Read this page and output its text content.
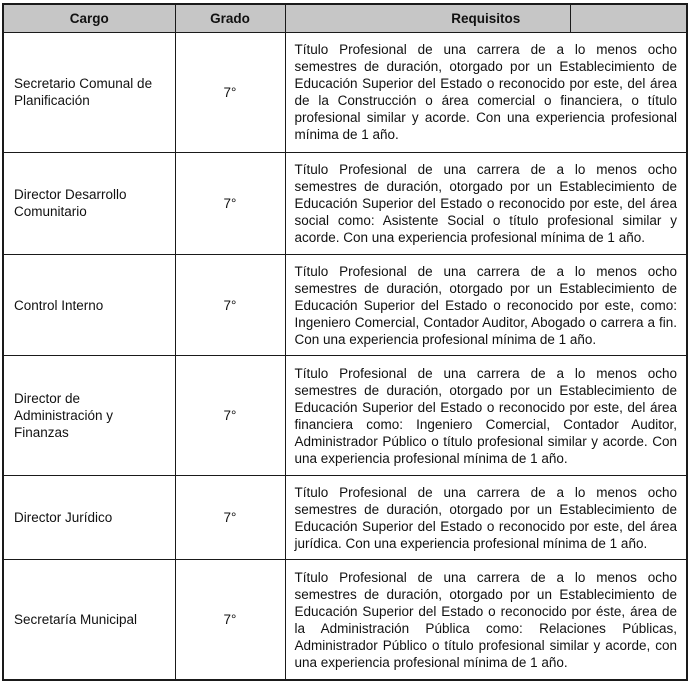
Cargo	Grado	Requisitos
Secretario Comunal de Planificación	7°	Título Profesional de una carrera de a lo menos ocho semestres de duración, otorgado por un Establecimiento de Educación Superior del Estado o reconocido por este, del área de la Construcción o área comercial o financiera, o título profesional similar y acorde. Con una experiencia profesional mínima de 1 año.
Director Desarrollo Comunitario	7°	Título Profesional de una carrera de a lo menos ocho semestres de duración, otorgado por un Establecimiento de Educación Superior del Estado o reconocido por este, del área social como: Asistente Social o título profesional similar y acorde. Con una experiencia profesional mínima de 1 año.
Control Interno	7°	Título Profesional de una carrera de a lo menos ocho semestres de duración, otorgado por un Establecimiento de Educación Superior del Estado o reconocido por este, como: Ingeniero Comercial, Contador Auditor, Abogado o carrera a fin. Con una experiencia profesional mínima de 1 año.
Director de Administración y Finanzas	7°	Título Profesional de una carrera de a lo menos ocho semestres de duración, otorgado por un Establecimiento de Educación Superior del Estado o reconocido por este, del área financiera como: Ingeniero Comercial, Contador Auditor, Administrador Público o título profesional similar y acorde. Con una experiencia profesional mínima de 1 año.
Director Jurídico	7°	Título Profesional de una carrera de a lo menos ocho semestres de duración, otorgado por un Establecimiento de Educación Superior del Estado o reconocido por este, del área jurídica. Con una experiencia profesional mínima de 1 año.
Secretaría Municipal	7°	Título Profesional de una carrera de a lo menos ocho semestres de duración, otorgado por un Establecimiento de Educación Superior del Estado o reconocido por éste, área de la Administración Pública como: Relaciones Públicas, Administrador Público o título profesional similar y acorde, con una experiencia profesional mínima de 1 año.
